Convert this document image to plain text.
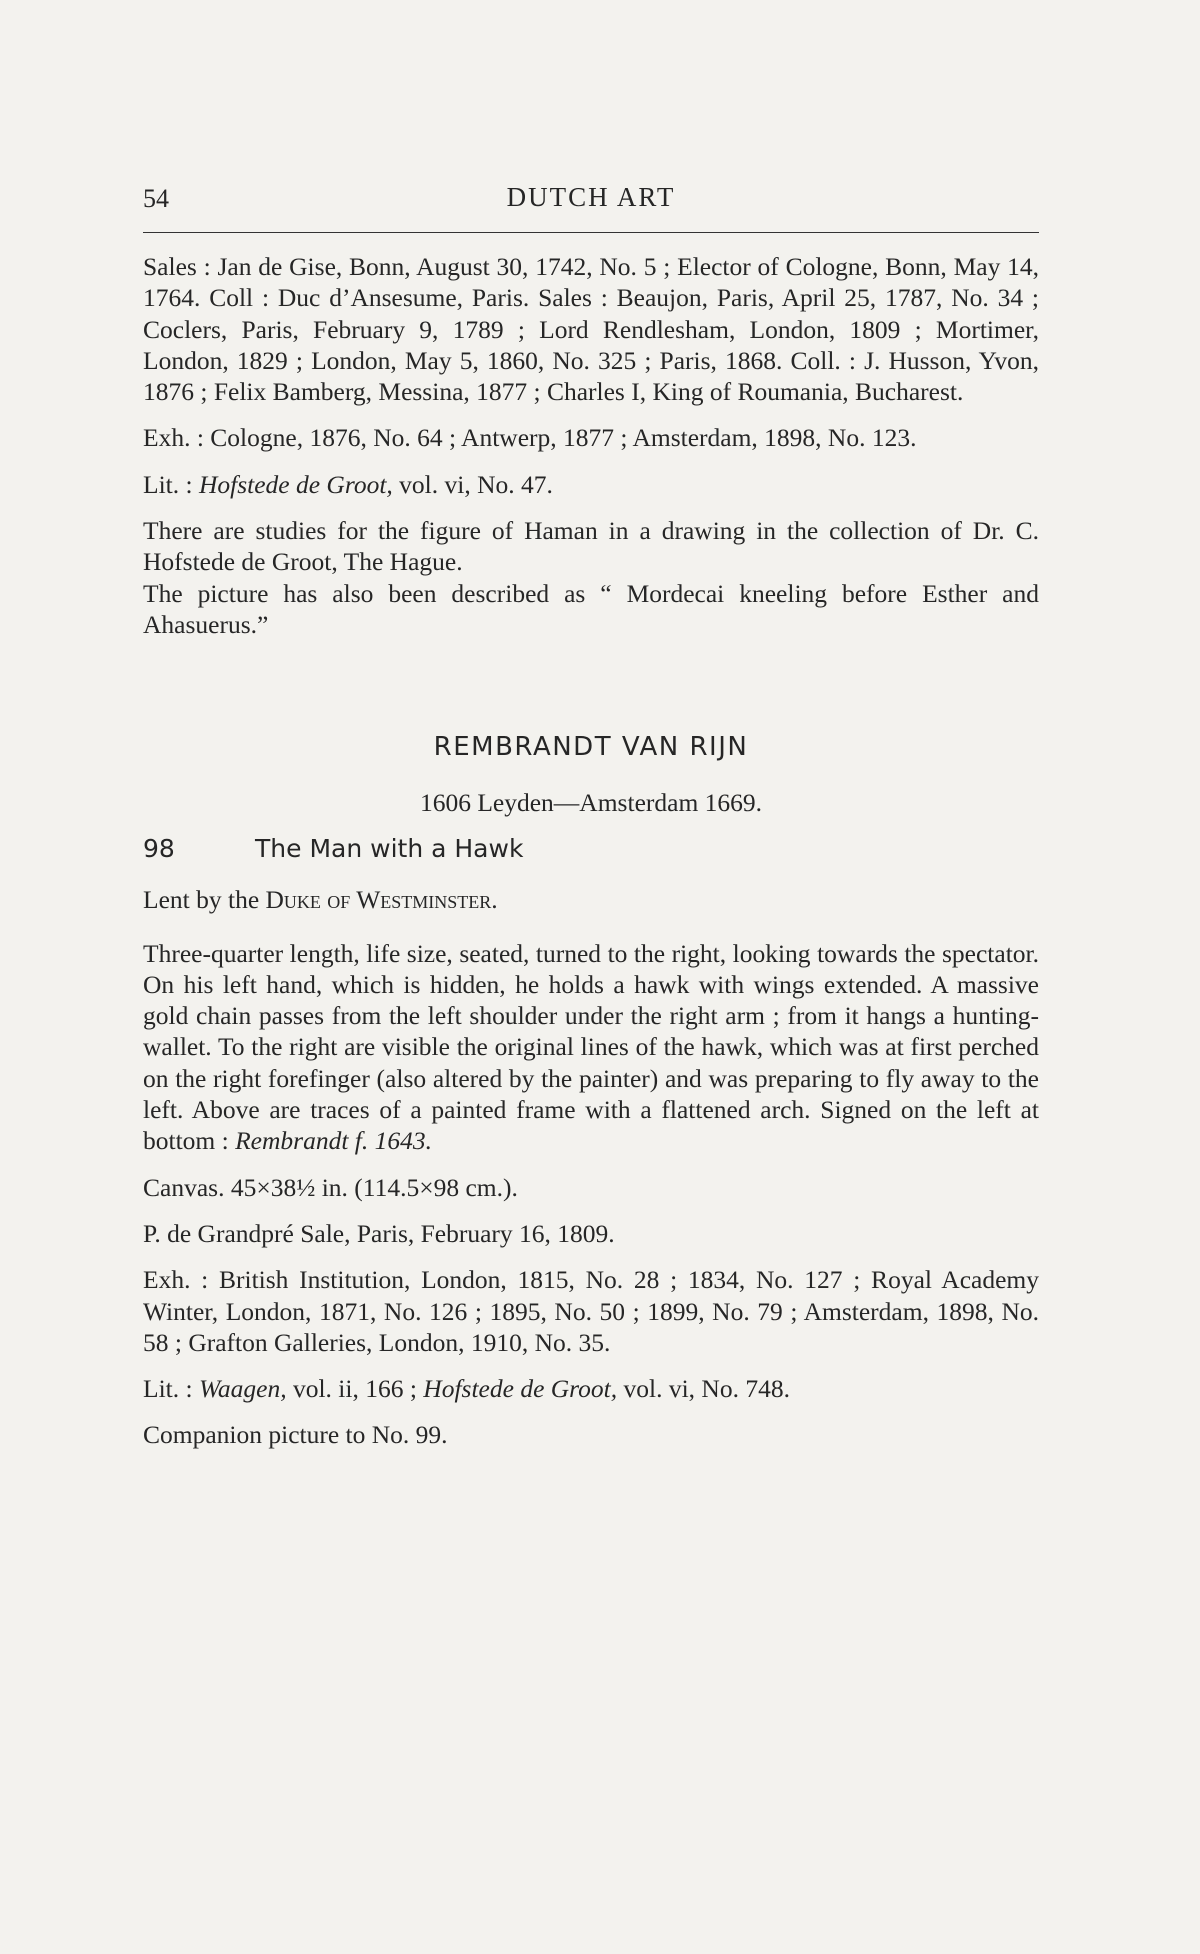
54	DUTCH ART

Sales : Jan de Gise, Bonn, August 30, 1742, No. 5 ; Elector of Cologne, Bonn, May 14, 1764. Coll : Duc d’Ansesume, Paris. Sales : Beaujon, Paris, April 25, 1787, No. 34 ; Coclers, Paris, February 9, 1789 ; Lord Rendlesham, London, 1809 ; Mortimer, London, 1829 ; London, May 5, 1860, No. 325 ; Paris, 1868. Coll. : J. Husson, Yvon, 1876 ; Felix Bamberg, Messina, 1877 ; Charles I, King of Roumania, Bucharest.

Exh. : Cologne, 1876, No. 64 ; Antwerp, 1877 ; Amsterdam, 1898, No. 123.

Lit. : Hofstede de Groot, vol. vi, No. 47.

There are studies for the figure of Haman in a drawing in the collection of Dr. C. Hofstede de Groot, The Hague.

The picture has also been described as “ Mordecai kneeling before Esther and Ahasuerus.”

REMBRANDT VAN RIJN
1606 Leyden—Amsterdam 1669.
98	The Man with a Hawk

Lent by the Duke of Westminster.

Three-quarter length, life size, seated, turned to the right, looking towards the spectator. On his left hand, which is hidden, he holds a hawk with wings extended. A massive gold chain passes from the left shoulder under the right arm ; from it hangs a hunting-wallet. To the right are visible the original lines of the hawk, which was at first perched on the right forefinger (also altered by the painter) and was preparing to fly away to the left. Above are traces of a painted frame with a flattened arch. Signed on the left at bottom : Rembrandt f. 1643.

Canvas. 45×38½ in. (114.5×98 cm.).

P. de Grandpré Sale, Paris, February 16, 1809.

Exh. : British Institution, London, 1815, No. 28 ; 1834, No. 127 ; Royal Academy Winter, London, 1871, No. 126 ; 1895, No. 50 ; 1899, No. 79 ; Amsterdam, 1898, No. 58 ; Grafton Galleries, London, 1910, No. 35.

Lit. : Waagen, vol. ii, 166 ; Hofstede de Groot, vol. vi, No. 748.

Companion picture to No. 99.
